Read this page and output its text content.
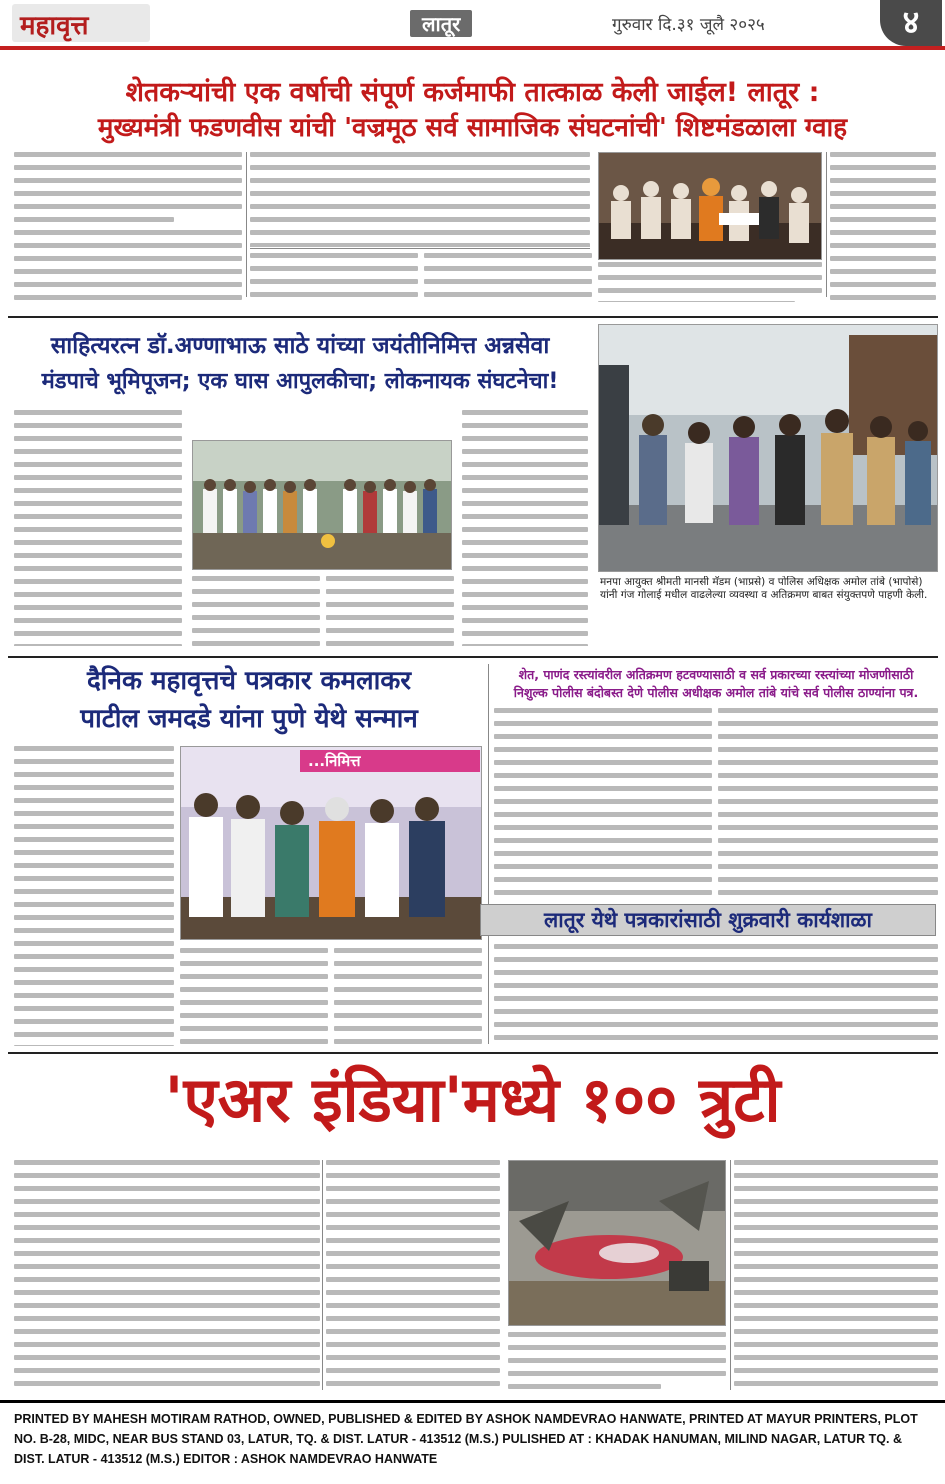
महावृत्त	लातूर	गुरुवार दि.३१ जूलै २०२५	४
शेतकऱ्यांची एक वर्षाची संपूर्ण कर्जमाफी तात्काळ केली जाईल! लातूर :
मुख्यमंत्री फडणवीस यांची 'वज्रमूठ सर्व सामाजिक संघटनांची' शिष्टमंडळाला ग्वाह
साहित्यरत्न डॉ.अण्णाभाऊ साठे यांच्या जयंतीनिमित्त अन्नसेवा
मंडपाचे भूमिपूजन; एक घास आपुलकीचा; लोकनायक संघटनेचा!
मनपा आयुक्त श्रीमती मानसी मॅडम (भाप्रसे) व पोलिस अधिक्षक अमोल तांबे (भापोसे) यांनी गंज गोलाई मधील वाढलेल्या व्यवस्था व अतिक्रमण बाबत संयुक्तपणे पाहणी केली.
दैनिक महावृत्तचे पत्रकार कमलाकर
पाटील जमदडे यांना पुणे येथे सन्मान
...निमित्त
शेत, पाणंद रस्त्यांवरील अतिक्रमण हटवण्यासाठी व सर्व प्रकारच्या रस्त्यांच्या मोजणीसाठी
निशुल्क पोलीस बंदोबस्त देणे पोलीस अधीक्षक अमोल तांबे यांचे सर्व पोलीस ठाण्यांना पत्र.
लातूर येथे पत्रकारांसाठी शुक्रवारी कार्यशाळा
'एअर इंडिया'मध्ये १०० त्रुटी
PRINTED BY MAHESH MOTIRAM RATHOD, OWNED, PUBLISHED & EDITED BY ASHOK NAMDEVRAO HANWATE, PRINTED AT MAYUR PRINTERS, PLOT NO. B-28, MIDC, NEAR BUS STAND 03, LATUR, TQ. & DIST. LATUR - 413512 (M.S.) PULISHED AT : KHADAK HANUMAN, MILIND NAGAR, LATUR TQ. & DIST. LATUR - 413512 (M.S.) EDITOR : ASHOK NAMDEVRAO HANWATE
